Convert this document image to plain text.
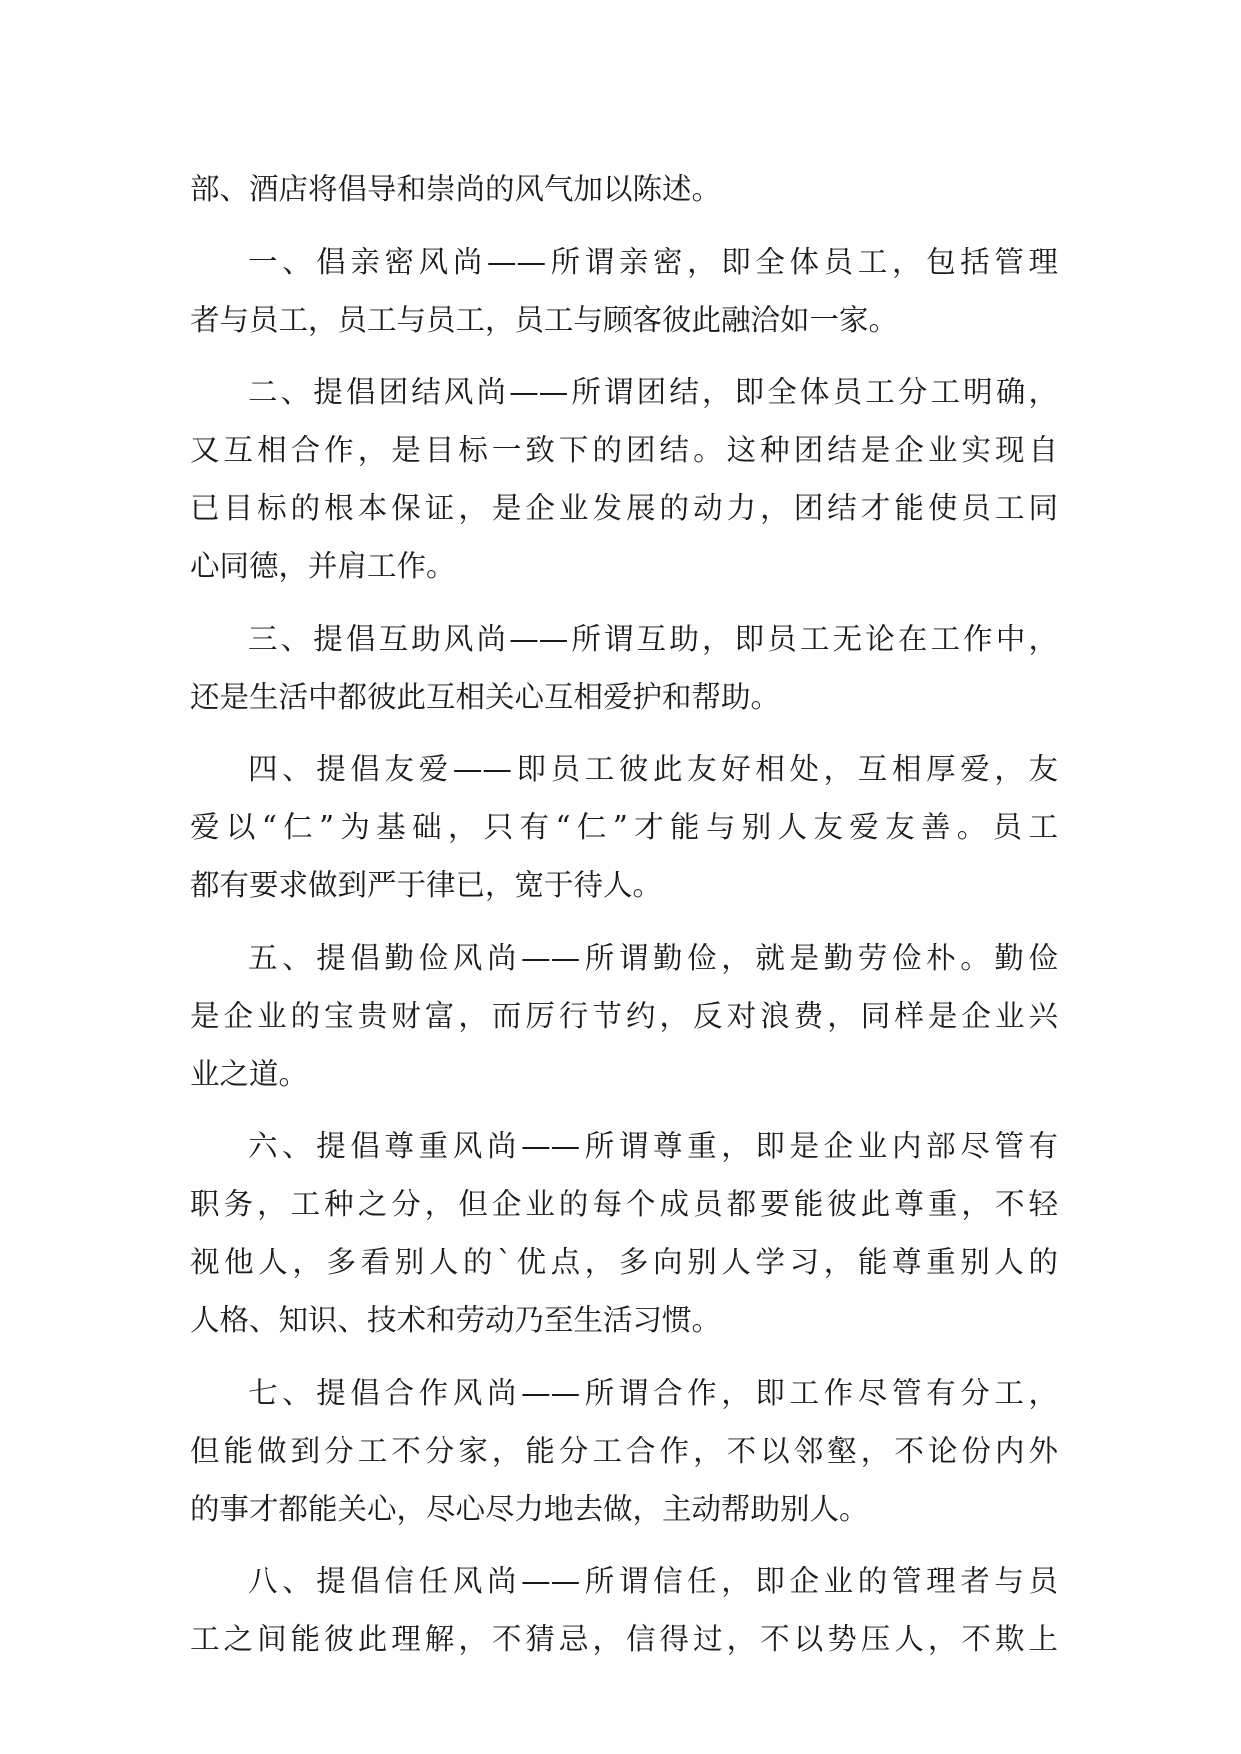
部、酒店将倡导和崇尚的风气加以陈述。
一、倡亲密风尚——所谓亲密，即全体员工，包括管理
者与员工，员工与员工，员工与顾客彼此融洽如一家。
二、提倡团结风尚——所谓团结，即全体员工分工明确，
又互相合作，是目标一致下的团结。这种团结是企业实现自
已目标的根本保证，是企业发展的动力，团结才能使员工同
心同德，并肩工作。
三、提倡互助风尚——所谓互助，即员工无论在工作中，
还是生活中都彼此互相关心互相爱护和帮助。
四、提倡友爱——即员工彼此友好相处，互相厚爱，友
爱以“仁”为基础，只有“仁”才能与别人友爱友善。员工
都有要求做到严于律已，宽于待人。
五、提倡勤俭风尚——所谓勤俭，就是勤劳俭朴。勤俭
是企业的宝贵财富，而厉行节约，反对浪费，同样是企业兴
业之道。
六、提倡尊重风尚——所谓尊重，即是企业内部尽管有
职务，工种之分，但企业的每个成员都要能彼此尊重，不轻
视他人，多看别人的`优点，多向别人学习，能尊重别人的
人格、知识、技术和劳动乃至生活习惯。
七、提倡合作风尚——所谓合作，即工作尽管有分工，
但能做到分工不分家，能分工合作，不以邻壑，不论份内外
的事才都能关心，尽心尽力地去做，主动帮助别人。
八、提倡信任风尚——所谓信任，即企业的管理者与员
工之间能彼此理解，不猜忌，信得过，不以势压人，不欺上
